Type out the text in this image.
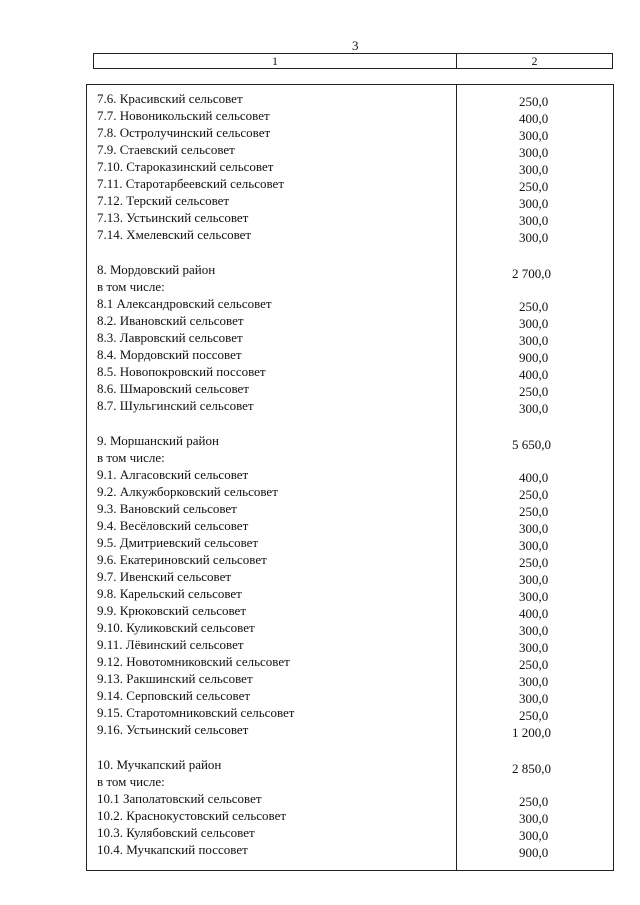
3
1	2
7.6. Красивский сельсовет	250,0
7.7. Новоникольский сельсовет	400,0
7.8. Остролучинский сельсовет	300,0
7.9. Стаевский сельсовет	300,0
7.10. Староказинский сельсовет	300,0
7.11. Старотарбеевский сельсовет	250,0
7.12. Терский сельсовет	300,0
7.13. Устьинский сельсовет	300,0
7.14. Хмелевский сельсовет	300,0
8. Мордовский район	2 700,0
в том числе:
8.1 Александровский сельсовет	250,0
8.2. Ивановский сельсовет	300,0
8.3. Лавровский сельсовет	300,0
8.4. Мордовский поссовет	900,0
8.5. Новопокровский поссовет	400,0
8.6. Шмаровский сельсовет	250,0
8.7. Шульгинский сельсовет	300,0
9. Моршанский район	5 650,0
в том числе:
9.1. Алгасовский сельсовет	400,0
9.2. Алкужборковский сельсовет	250,0
9.3. Вановский сельсовет	250,0
9.4. Весёловский сельсовет	300,0
9.5. Дмитриевский сельсовет	300,0
9.6. Екатериновский сельсовет	250,0
9.7. Ивенский сельсовет	300,0
9.8. Карельский сельсовет	300,0
9.9. Крюковский сельсовет	400,0
9.10. Куликовский сельсовет	300,0
9.11. Лёвинский сельсовет	300,0
9.12. Новотомниковский сельсовет	250,0
9.13. Ракшинский сельсовет	300,0
9.14. Серповский сельсовет	300,0
9.15. Старотомниковский сельсовет	250,0
9.16. Устьинский сельсовет	1 200,0
10. Мучкапский район	2 850,0
в том числе:
10.1 Заполатовский сельсовет	250,0
10.2. Краснокустовский сельсовет	300,0
10.3. Кулябовский сельсовет	300,0
10.4. Мучкапский поссовет	900,0
